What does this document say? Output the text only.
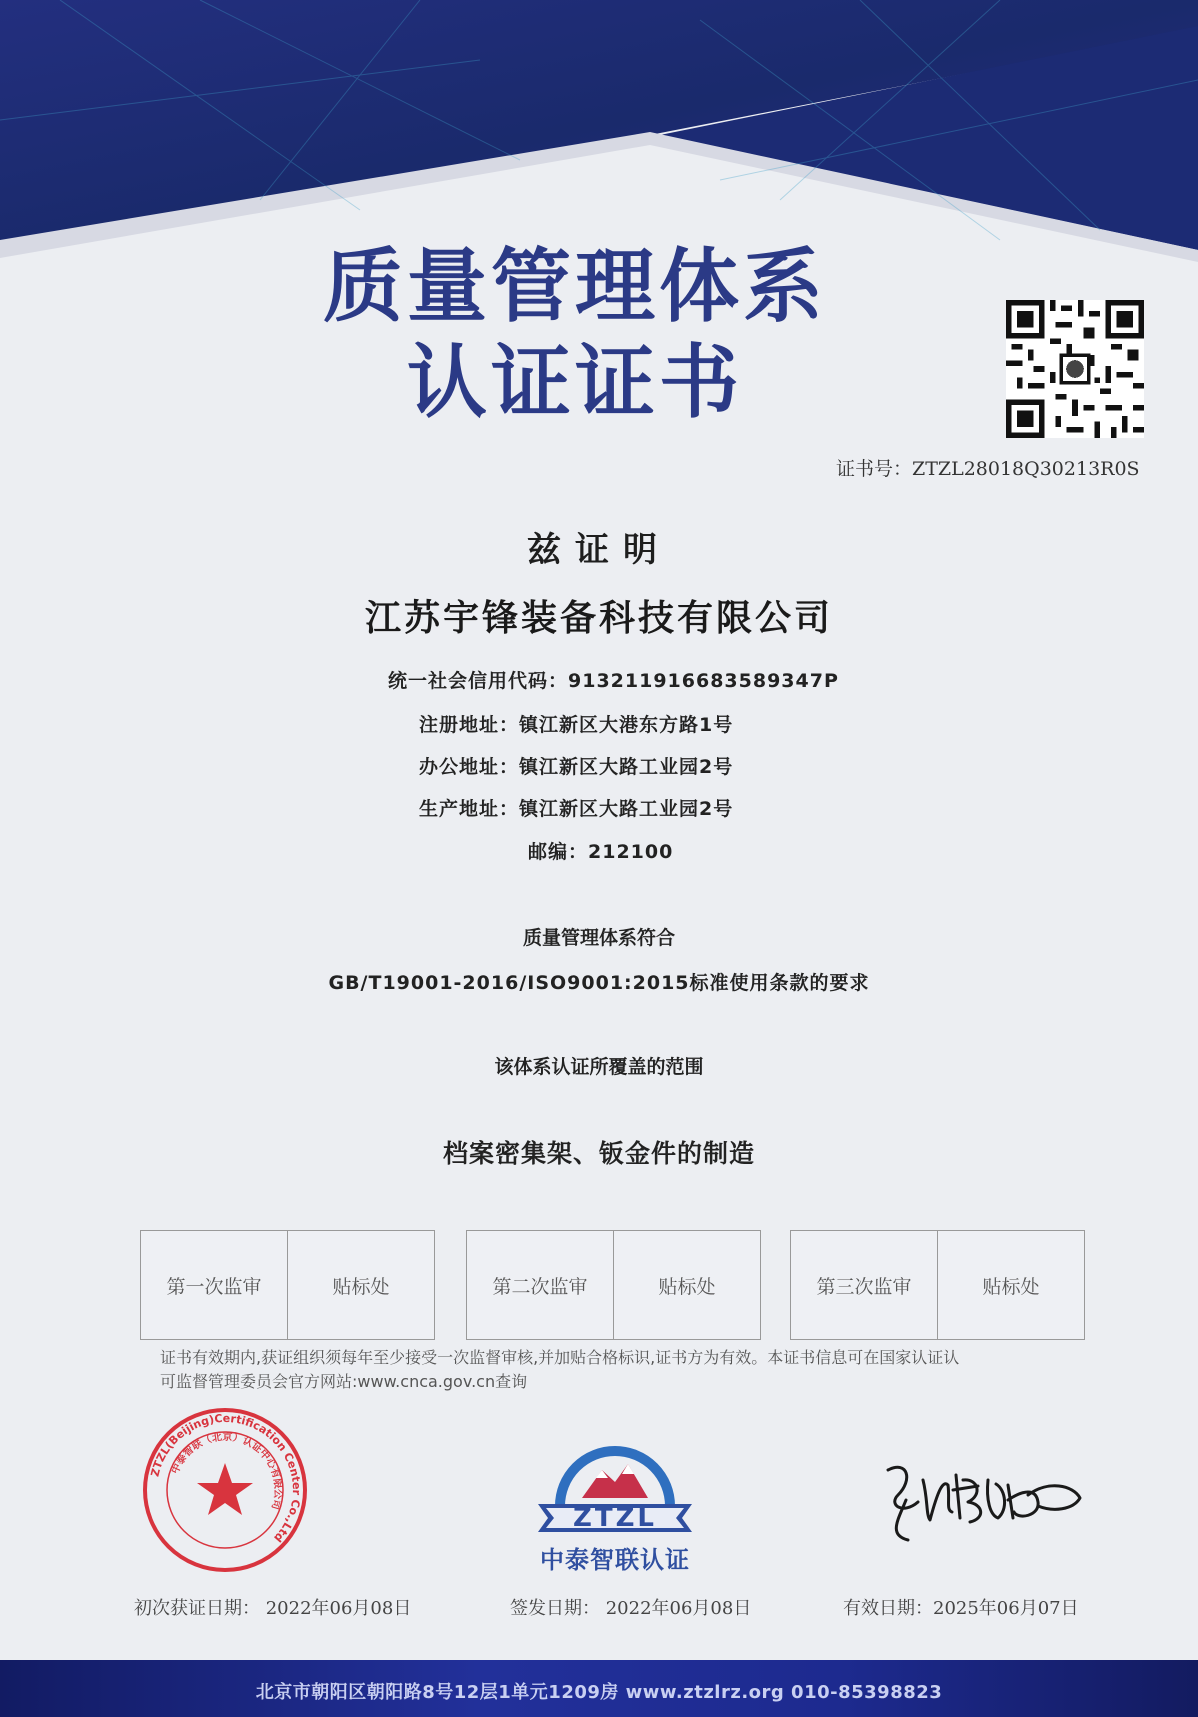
质量管理体系
认证证书
证书号：ZTZL28018Q30213R0S
兹证明
江苏宇锋装备科技有限公司
统一社会信用代码：91321191668358934​7P
注册地址：镇江新区大港东方路1号
办公地址：镇江新区大路工业园2号
生产地址：镇江新区大路工业园2号
邮编：212100
质量管理体系符合
GB/T19001-2016/ISO9001:2015标准使用条款的要求
该体系认证所覆盖的范围
档案密集架、钣金件的制造
第一次监审	贴标处	第二次监审	贴标处	第三次监审	贴标处
证书有效期内,获证组织须每年至少接受一次监督审核,并加贴合格标识,证书方为有效。本证书信息可在国家认证认
可监督管理委员会官方网站:www.cnca.gov.cn查询
ZTZL(Beijing)Certification Center Co.,Ltd
中泰智联（北京）认证中心有限公司	ZTZL
中泰智联认证
初次获证日期： 2022年06月08日	签发日期： 2022年06月08日	有效日期：2025年06月07日
北京市朝阳区朝阳路8号12层1单元1209房 www.ztzlrz.org 010-85398823
